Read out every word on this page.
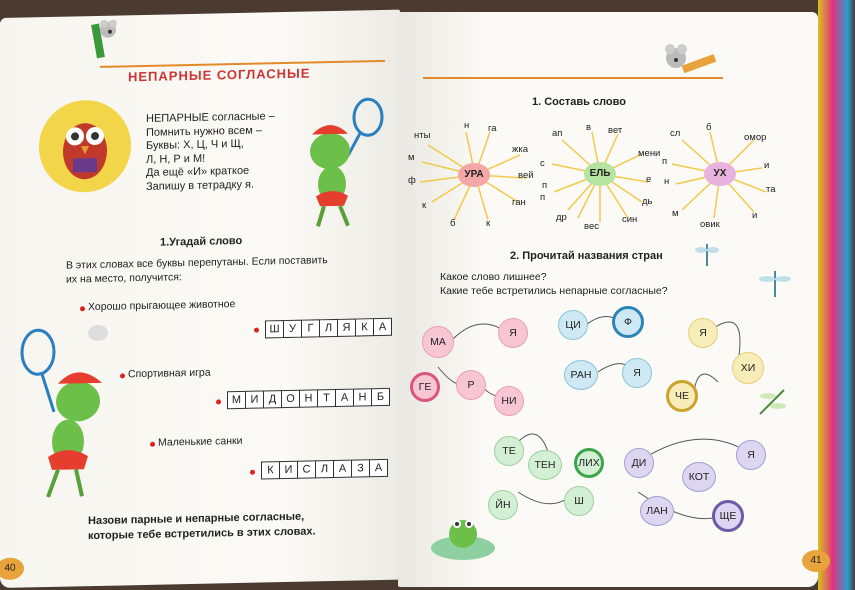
НЕПАРНЫЕ СОГЛАСНЫЕ
НЕПАРНЫЕ согласные –
Помнить нужно всем –
Буквы: Х, Ц, Ч и Щ,
Л, Н, Р и М!
Да ещё «И» краткое
Запишу в тетрадку я.
1.Угадай слово
В этих словах все буквы перепутаны. Если поставить
их на место, получится:
Хорошо прыгающее животное
Ш У	Г	Л Я К	А
Спортивная игра
М И Д О Н Т А Н Б
Маленькие санки
К И С Л А	З	А
Назови парные и непарные согласные,
которые тебе встретились в этих словах.
40
1. Составь слово
нты
н га
м
жка
ф	вей
к	ган
б	к
УРА
ап
в вет
с
мени
п
е
п	дь
др
вес
син
ЕЛЬ
сл
б
омор
п	и
н
та
м
овик
и
УХ
2. Прочитай названия стран
Какое слово лишнее?
Какие тебе встретились непарные согласные?
МА
Я
ГЕ	Р
НИ
ЦИ	Ф
РАН	Я
Я
ХИ
ЧЕ
ТЕ
ТЕН	ЛИХ
ЙН	Ш
ДИ
Я
КОТ
ЛАН	ЩЕ
41
